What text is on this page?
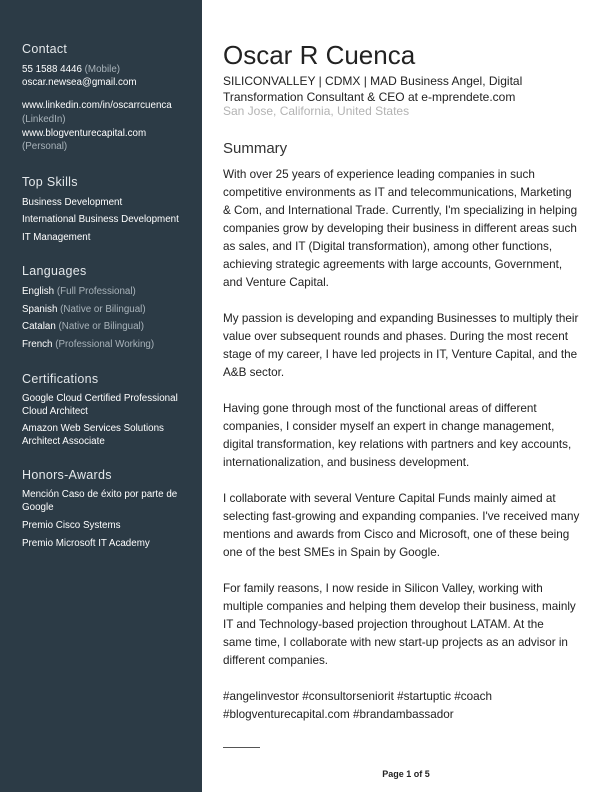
Contact
55 1588 4446 (Mobile)
oscar.newsea@gmail.com
www.linkedin.com/in/oscarrcuenca
(LinkedIn)
www.blogventurecapital.com
(Personal)
Top Skills
Business Development
International Business Development
IT Management
Languages
English (Full Professional)
Spanish (Native or Bilingual)
Catalan (Native or Bilingual)
French (Professional Working)
Certifications
Google Cloud Certified Professional
Cloud Architect
Amazon Web Services Solutions
Architect Associate
Honors-Awards
Mención Caso de éxito por parte de
Google
Premio Cisco Systems
Premio Microsoft IT Academy
Oscar R Cuenca
SILICONVALLEY | CDMX | MAD Business Angel, Digital
Transformation Consultant & CEO at e-mprendete.com
San Jose, California, United States
Summary
With over 25 years of experience leading companies in such
competitive environments as IT and telecommunications, Marketing
& Com, and International Trade. Currently, I'm specializing in helping
companies grow by developing their business in different areas such
as sales, and IT (Digital transformation), among other functions,
achieving strategic agreements with large accounts, Government,
and Venture Capital.
My passion is developing and expanding Businesses to multiply their
value over subsequent rounds and phases. During the most recent
stage of my career, I have led projects in IT, Venture Capital, and the
A&B sector.
Having gone through most of the functional areas of different
companies, I consider myself an expert in change management,
digital transformation, key relations with partners and key accounts,
internationalization, and business development.
I collaborate with several Venture Capital Funds mainly aimed at
selecting fast-growing and expanding companies. I've received many
mentions and awards from Cisco and Microsoft, one of these being
one of the best SMEs in Spain by Google.
For family reasons, I now reside in Silicon Valley, working with
multiple companies and helping them develop their business, mainly
IT and Technology-based projection throughout LATAM. At the
same time, I collaborate with new start-up projects as an advisor in
different companies.
#angelinvestor #consultorseniorit #startuptic #coach
#blogventurecapital.com #brandambassador
Page 1 of 5
